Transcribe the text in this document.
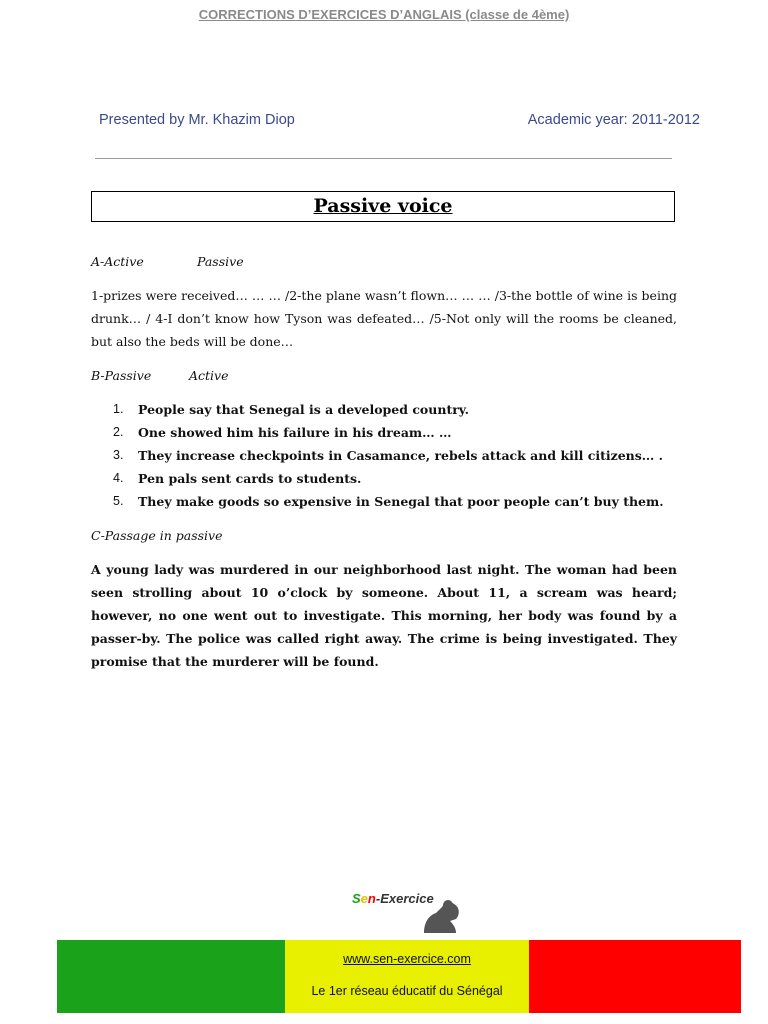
CORRECTIONS D’EXERCICES D’ANGLAIS (classe de 4ème)
Presented by Mr. Khazim Diop	Academic year: 2011-2012
Passive voice

A-Active	Passive

1-prizes were received… … … /2-the plane wasn’t flown… … … /3-the bottle of wine is being drunk… / 4-I don’t know how Tyson was defeated… /5-Not only will the rooms be cleaned, but also the beds will be done…

B-Passive	Active

1. People say that Senegal is a developed country.
2. One showed him his failure in his dream… …
3. They increase checkpoints in Casamance, rebels attack and kill citizens… .
4. Pen pals sent cards to students.
5. They make goods so expensive in Senegal that poor people can’t buy them.

C-Passage in passive

A young lady was murdered in our neighborhood last night. The woman had been seen strolling about 10 o’clock by someone. About 11, a scream was heard; however, no one went out to investigate. This morning, her body was found by a passer-by. The police was called right away. The crime is being investigated. They promise that the murderer will be found.

Sen-Exercice
www.sen-exercice.com
Le 1er réseau éducatif du Sénégal
